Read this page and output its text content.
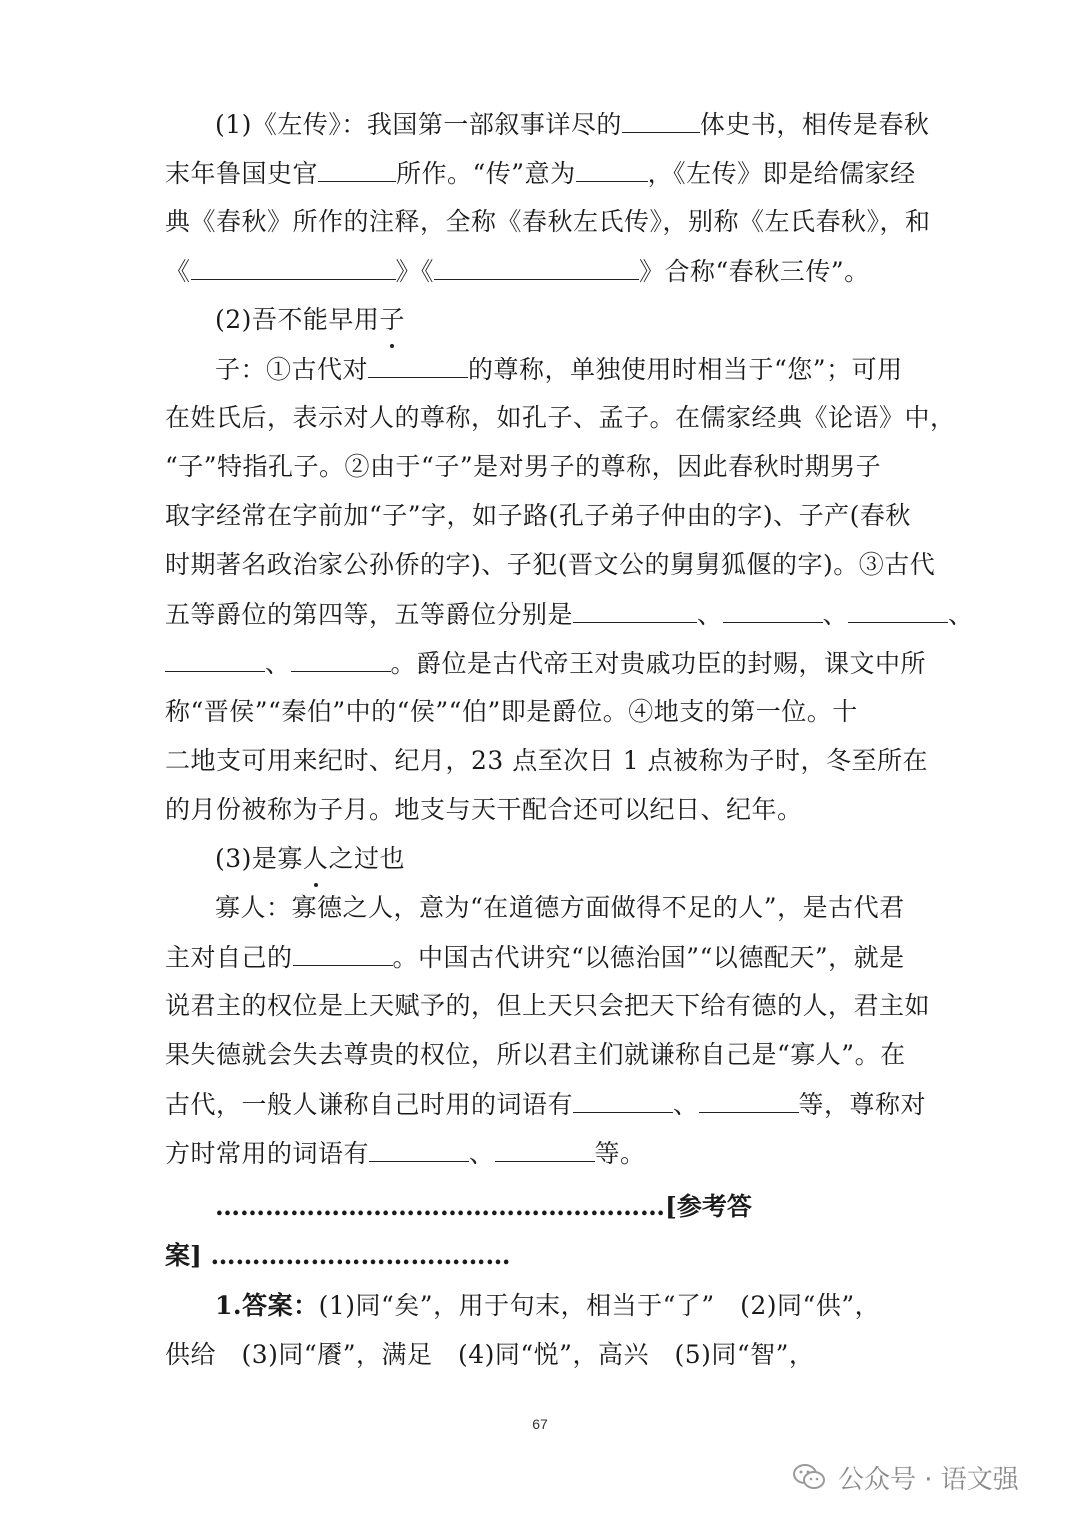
(1)《左传》：我国第一部叙事详尽的	体史书，相传是春秋
末年鲁国史官	所作。“传”意为	，《左传》即是给儒家经
典《春秋》所作的注释，全称《春秋左氏传》，别称《左氏春秋》，和
《	》《	》合称“春秋三传”。
(2)吾不能早用子
子：①古代对	的尊称，单独使用时相当于“您”；可用
在姓氏后，表示对人的尊称，如孔子、孟子。在儒家经典《论语》中，
“子”特指孔子。②由于“子”是对男子的尊称，因此春秋时期男子
取字经常在字前加“子”字，如子路(孔子弟子仲由的字)、子产(春秋
时期著名政治家公孙侨的字)、子犯(晋文公的舅舅狐偃的字)。③古代
五等爵位的第四等，五等爵位分别是	、	、	、
、	。爵位是古代帝王对贵戚功臣的封赐，课文中所
称“晋侯”“秦伯”中的“侯”“伯”即是爵位。④地支的第一位。十
二地支可用来纪时、纪月，23 点至次日 1 点被称为子时，冬至所在
的月份被称为子月。地支与天干配合还可以纪日、纪年。
(3)是寡人之过也
寡人：寡德之人，意为“在道德方面做得不足的人”，是古代君
主对自己的	。中国古代讲究“以德治国”“以德配天”，就是
说君主的权位是上天赋予的，但上天只会把天下给有德的人，君主如
果失德就会失去尊贵的权位，所以君主们就谦称自己是“寡人”。在
古代，一般人谦称自己时用的词语有	、	等，尊称对
方时常用的词语有	、	等。
………………………………………………[参考答
案] ………………………………
1.答案：(1)同“矣”，用于句末，相当于“了”　(2)同“供”，
供给　(3)同“餍”，满足　(4)同“悦”，高兴　(5)同“智”，
67
公众号 · 语文强
